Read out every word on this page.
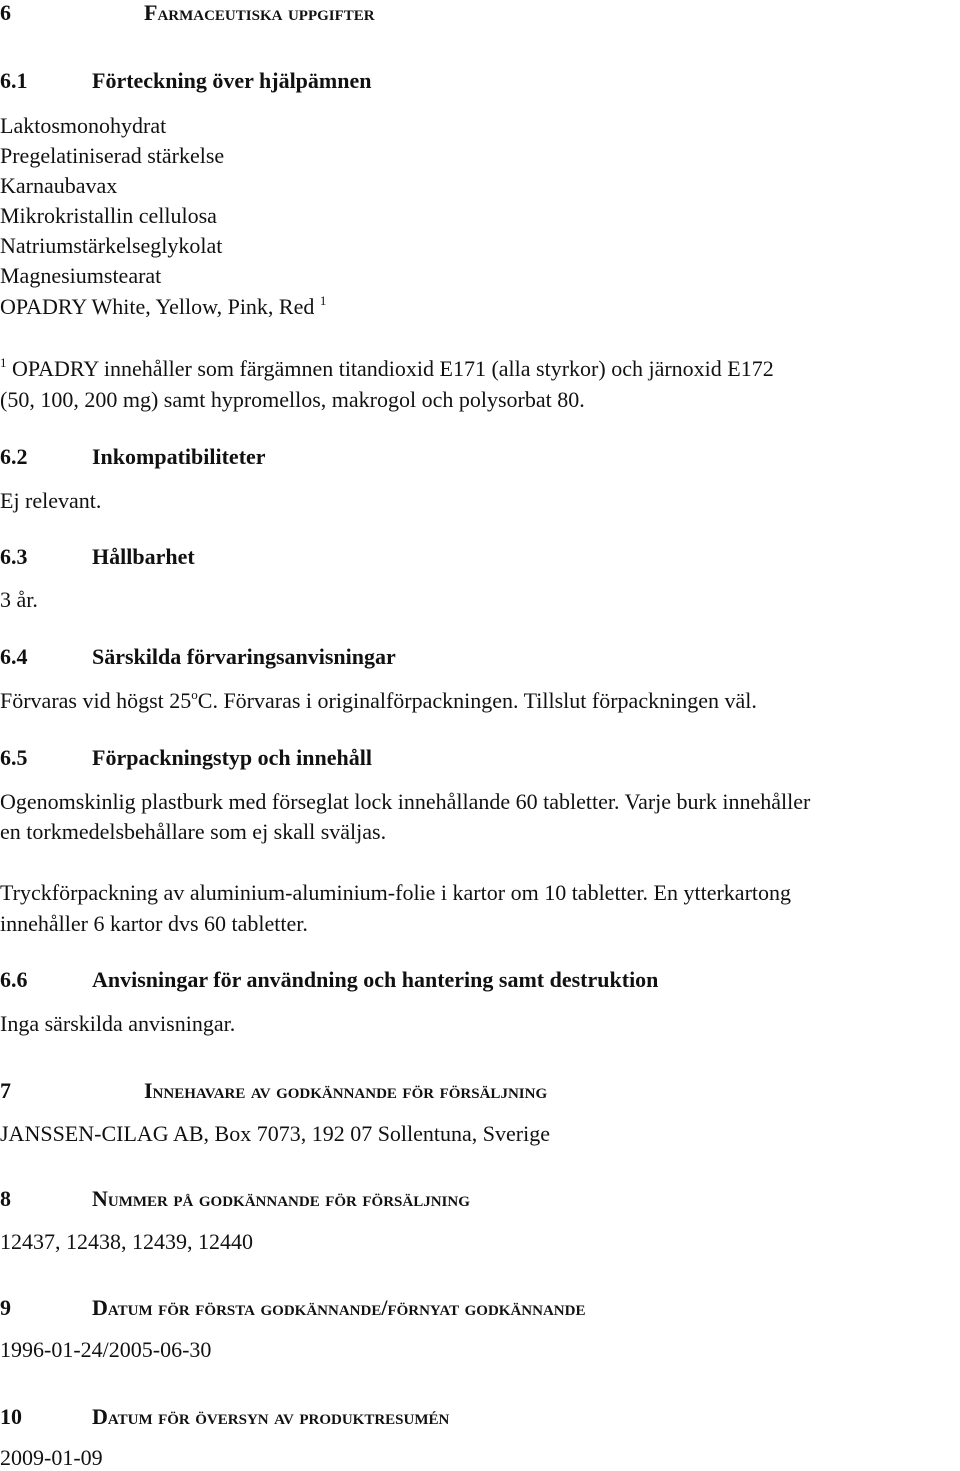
6	Farmaceutiska uppgifter
6.1	Förteckning över hjälpämnen
Laktosmonohydrat
Pregelatiniserad stärkelse
Karnaubavax
Mikrokristallin cellulosa
Natriumstärkelseglykolat
Magnesiumstearat
OPADRY White, Yellow, Pink, Red $^1$
$^1$ OPADRY innehåller som färgämnen titandioxid E171 (alla styrkor) och järnoxid E172
(50, 100, 200 mg) samt hypromellos, makrogol och polysorbat 80.
6.2	Inkompatibiliteter
Ej relevant.
6.3	Hållbarhet
3 år.
6.4	Särskilda förvaringsanvisningar
Förvaras vid högst 25$^o$C. Förvaras i originalförpackningen. Tillslut förpackningen väl.
6.5	Förpackningstyp och innehåll
Ogenomskinlig plastburk med förseglat lock innehållande 60 tabletter. Varje burk innehåller
en torkmedelsbehållare som ej skall sväljas.
Tryckförpackning av aluminium-aluminium-folie i kartor om 10 tabletter. En ytterkartong
innehåller 6 kartor dvs 60 tabletter.
6.6	Anvisningar för användning och hantering samt destruktion
Inga särskilda anvisningar.
7	Innehavare av godkännande för försäljning
JANSSEN-CILAG AB, Box 7073, 192 07 Sollentuna, Sverige
8	Nummer på godkännande för försäljning
12437, 12438, 12439, 12440
9	Datum för första godkännande/förnyat godkännande
1996-01-24/2005-06-30
10	Datum för översyn av produktresumén
2009-01-09
